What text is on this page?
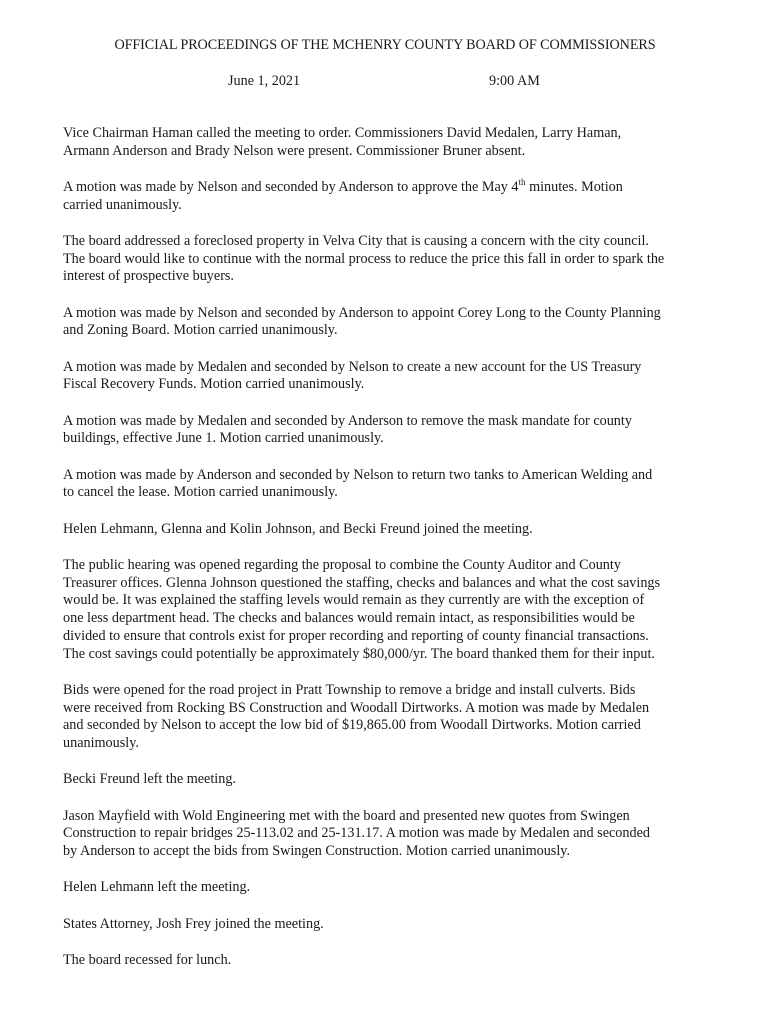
OFFICIAL PROCEEDINGS OF THE MCHENRY COUNTY BOARD OF COMMISSIONERS
June 1, 2021	9:00 AM

Vice Chairman Haman called the meeting to order. Commissioners David Medalen, Larry Haman,
Armann Anderson and Brady Nelson were present. Commissioner Bruner absent.

A motion was made by Nelson and seconded by Anderson to approve the May 4th minutes. Motion
carried unanimously.

The board addressed a foreclosed property in Velva City that is causing a concern with the city council.
The board would like to continue with the normal process to reduce the price this fall in order to spark the
interest of prospective buyers.

A motion was made by Nelson and seconded by Anderson to appoint Corey Long to the County Planning
and Zoning Board. Motion carried unanimously.

A motion was made by Medalen and seconded by Nelson to create a new account for the US Treasury
Fiscal Recovery Funds. Motion carried unanimously.

A motion was made by Medalen and seconded by Anderson to remove the mask mandate for county
buildings, effective June 1. Motion carried unanimously.

A motion was made by Anderson and seconded by Nelson to return two tanks to American Welding and
to cancel the lease. Motion carried unanimously.

Helen Lehmann, Glenna and Kolin Johnson, and Becki Freund joined the meeting.

The public hearing was opened regarding the proposal to combine the County Auditor and County
Treasurer offices. Glenna Johnson questioned the staffing, checks and balances and what the cost savings
would be. It was explained the staffing levels would remain as they currently are with the exception of
one less department head. The checks and balances would remain intact, as responsibilities would be
divided to ensure that controls exist for proper recording and reporting of county financial transactions.
The cost savings could potentially be approximately $80,000/yr. The board thanked them for their input.

Bids were opened for the road project in Pratt Township to remove a bridge and install culverts. Bids
were received from Rocking BS Construction and Woodall Dirtworks. A motion was made by Medalen
and seconded by Nelson to accept the low bid of $19,865.00 from Woodall Dirtworks. Motion carried
unanimously.

Becki Freund left the meeting.

Jason Mayfield with Wold Engineering met with the board and presented new quotes from Swingen
Construction to repair bridges 25-113.02 and 25-131.17. A motion was made by Medalen and seconded
by Anderson to accept the bids from Swingen Construction. Motion carried unanimously.

Helen Lehmann left the meeting.

States Attorney, Josh Frey joined the meeting.

The board recessed for lunch.
